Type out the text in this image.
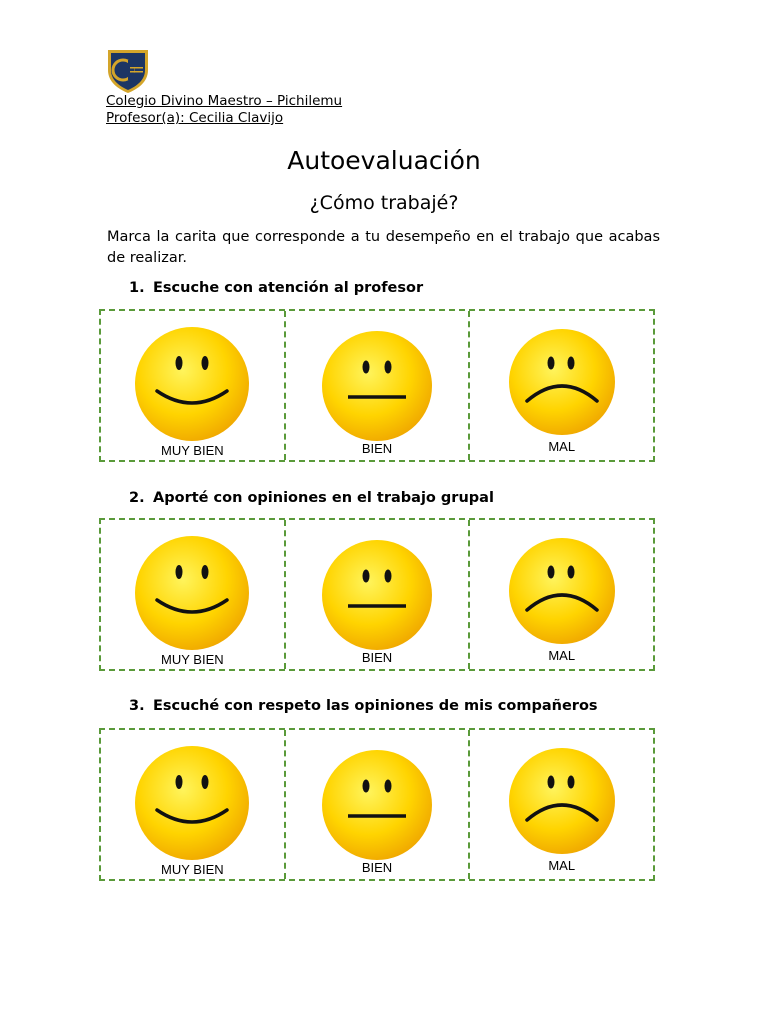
Colegio Divino Maestro – Pichilemu
Profesor(a): Cecilia Clavijo
Autoevaluación
¿Cómo trabajé?
Marca la carita que corresponde a tu desempeño en el trabajo que acabas de realizar.
1. Escuche con atención al profesor
MUY BIEN	BIEN	MAL
2. Aporté con opiniones en el trabajo grupal
MUY BIEN	BIEN	MAL
3. Escuché con respeto las opiniones de mis compañeros
MUY BIEN	BIEN	MAL
